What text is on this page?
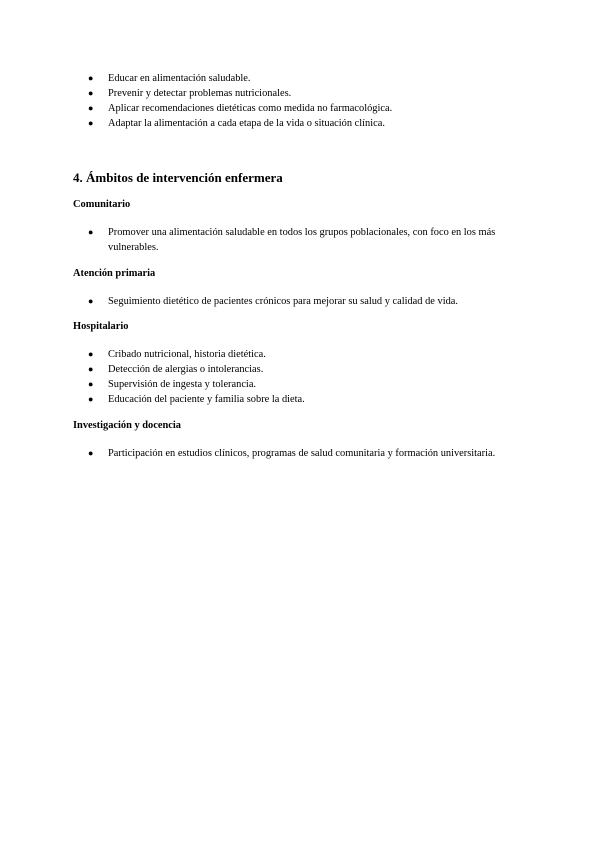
● Educar en alimentación saludable.
● Prevenir y detectar problemas nutricionales.
● Aplicar recomendaciones dietéticas como medida no farmacológica.
● Adaptar la alimentación a cada etapa de la vida o situación clínica.
4. Ámbitos de intervención enfermera
Comunitario
● Promover una alimentación saludable en todos los grupos poblacionales, con foco en los más vulnerables.
Atención primaria
● Seguimiento dietético de pacientes crónicos para mejorar su salud y calidad de vida.
Hospitalario
● Cribado nutricional, historia dietética.
● Detección de alergias o intolerancias.
● Supervisión de ingesta y tolerancia.
● Educación del paciente y familia sobre la dieta.
Investigación y docencia
● Participación en estudios clínicos, programas de salud comunitaria y formación universitaria.
